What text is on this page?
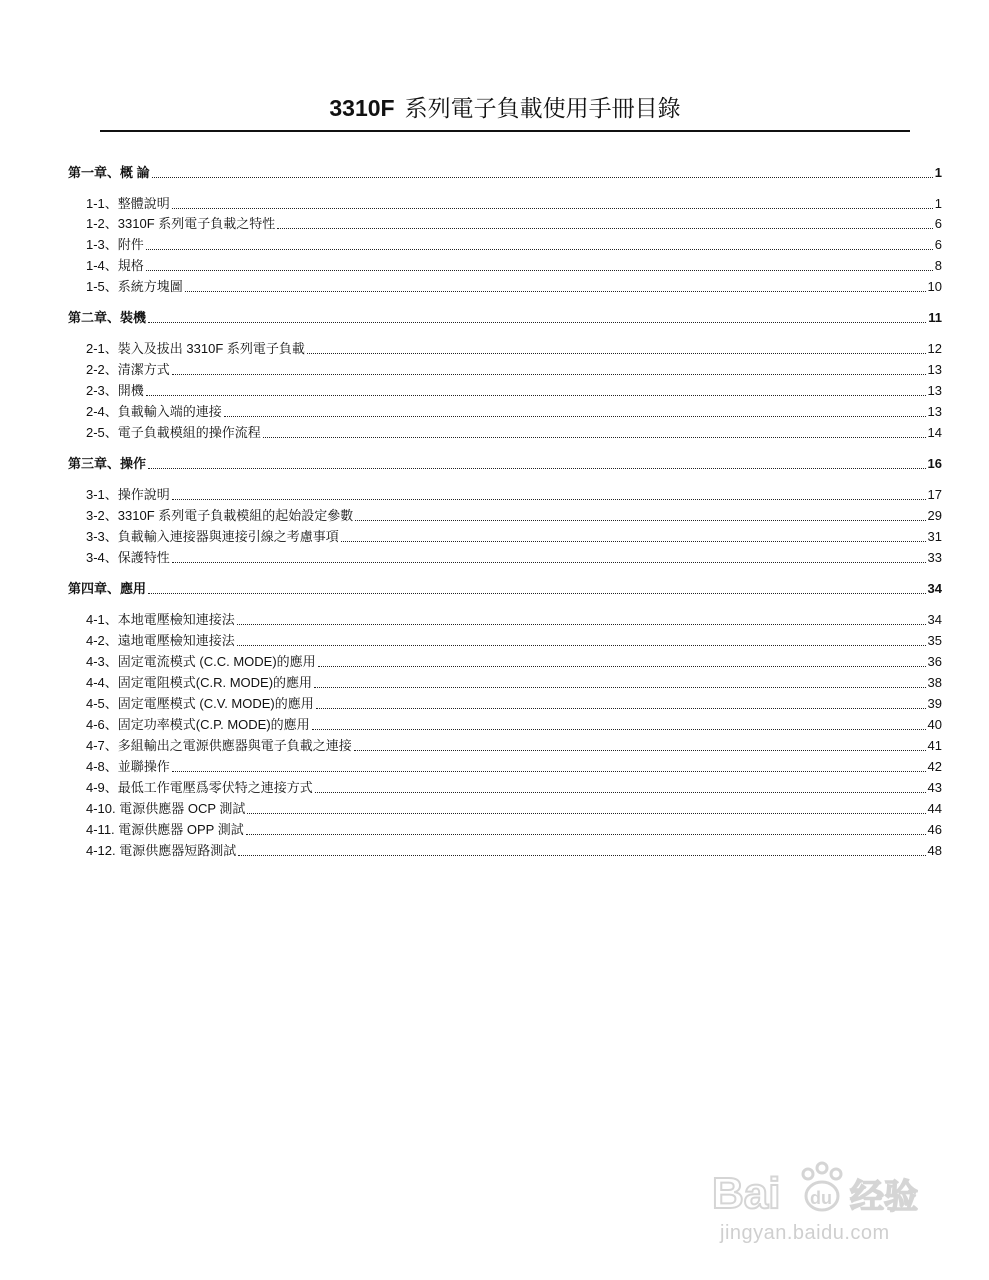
3310F 系列電子負載使用手冊目錄
第一章、概 論	1
1-1、整體說明	1
1-2、3310F 系列電子負載之特性	6
1-3、附件	6
1-4、規格	8
1-5、系統方塊圖	10
第二章、裝機	11
2-1、裝入及拔出 3310F 系列電子負載	12
2-2、清潔方式	13
2-3、開機	13
2-4、負載輸入端的連接	13
2-5、電子負載模組的操作流程	14
第三章、操作	16
3-1、操作說明	17
3-2、3310F 系列電子負載模組的起始設定參數	29
3-3、負載輸入連接器與連接引線之考慮事項	31
3-4、保護特性	33
第四章、應用	34
4-1、本地電壓檢知連接法	34
4-2、遠地電壓檢知連接法	35
4-3、固定電流模式 (C.C. MODE)的應用	36
4-4、固定電阻模式(C.R. MODE)的應用	38
4-5、固定電壓模式 (C.V. MODE)的應用	39
4-6、固定功率模式(C.P. MODE)的應用	40
4-7、多組輸出之電源供應器與電子負載之連接	41
4-8、並聯操作	42
4-9、最低工作電壓爲零伏特之連接方式	43
4-10. 電源供應器 OCP 測試	44
4-11. 電源供應器 OPP 測試	46
4-12. 電源供應器短路測試	48
Bai du 经验
jingyan.baidu.com
